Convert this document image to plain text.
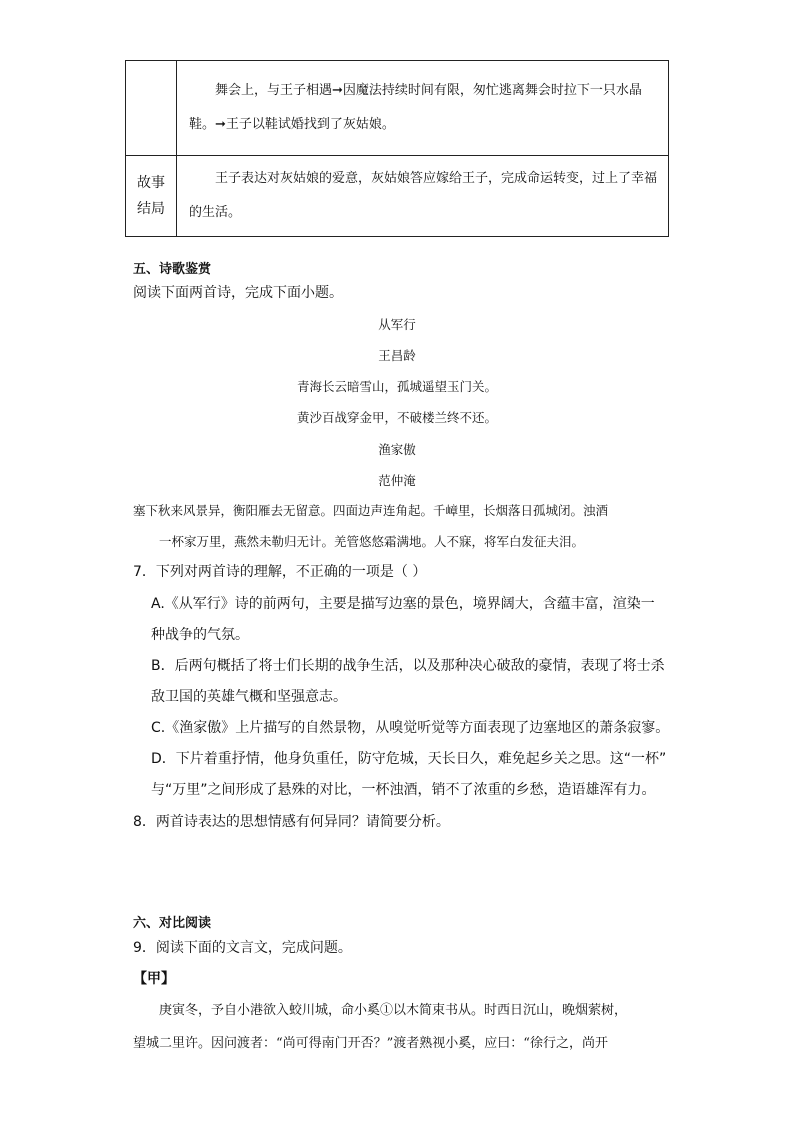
	舞会上，与王子相遇➞因魔法持续时间有限，匆忙逃离舞会时拉下一只水晶鞋。➞王子以鞋试婚找到了灰姑娘。

故事
结局	王子表达对灰姑娘的爱意，灰姑娘答应嫁给王子，完成命运转变，过上了幸福的生活。
五、诗歌鉴赏
阅读下面两首诗，完成下面小题。
从军行
王昌龄
青海长云暗雪山，孤城遥望玉门关。
黄沙百战穿金甲，不破楼兰终不还。
渔家傲
范仲淹
塞下秋来风景异，衡阳雁去无留意。四面边声连角起。千嶂里，长烟落日孤城闭。浊酒
一杯家万里，燕然未勒归无计。羌管悠悠霜满地。人不寐，将军白发征夫泪。
7．下列对两首诗的理解，不正确的一项是（ ）
A.《从军行》诗的前两句，主要是描写边塞的景色，境界阔大，含蕴丰富，渲染一
种战争的气氛。
B．后两句概括了将士们长期的战争生活，以及那种决心破敌的豪情，表现了将士杀
敌卫国的英雄气概和坚强意志。
C.《渔家傲》上片描写的自然景物，从嗅觉听觉等方面表现了边塞地区的萧条寂寥。
D．下片着重抒情，他身负重任，防守危城，天长日久，难免起乡关之思。这“一杯”
与“万里”之间形成了悬殊的对比，一杯浊酒，销不了浓重的乡愁，造语雄浑有力。
8．两首诗表达的思想情感有何异同？请简要分析。
六、对比阅读
9．阅读下面的文言文，完成问题。
【甲】
庚寅冬，予自小港欲入蛟川城，命小奚①以木简束书从。时西日沉山，晚烟萦树，
望城二里许。因问渡者：“尚可得南门开否？”渡者熟视小奚，应曰：“徐行之，尚开
